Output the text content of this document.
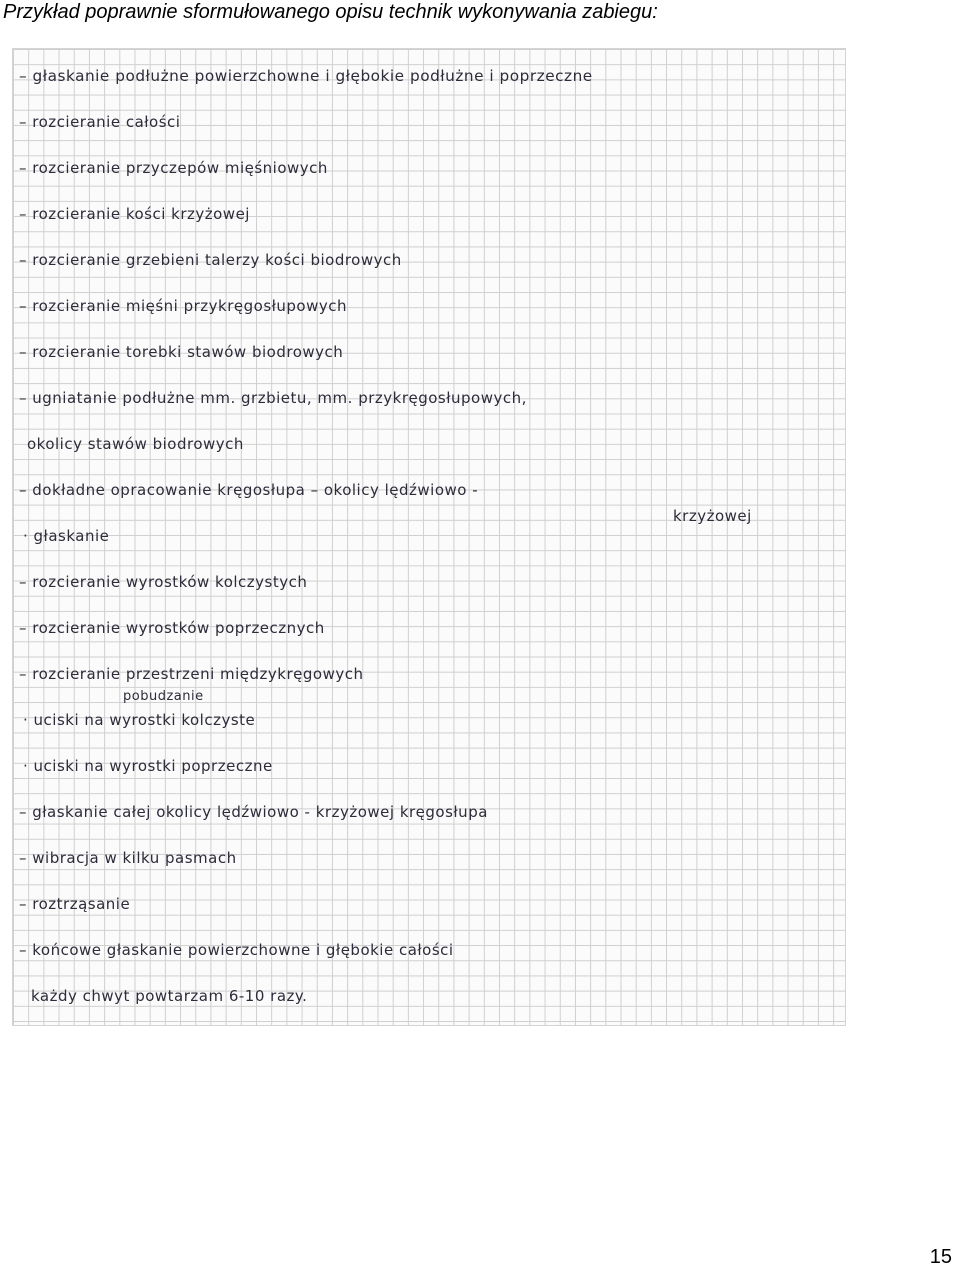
Przykład poprawnie sformułowanego opisu technik wykonywania zabiegu:
– głaskanie podłużne powierzchowne i głębokie podłużne i poprzeczne
– rozcieranie całości
– rozcieranie przyczepów mięśniowych
– rozcieranie kości krzyżowej
– rozcieranie grzebieni talerzy kości biodrowych
– rozcieranie mięśni przykręgosłupowych
– rozcieranie torebki stawów biodrowych
– ugniatanie podłużne mm. grzbietu, mm. przykręgosłupowych,
okolicy stawów biodrowych
– dokładne opracowanie kręgosłupa – okolicy lędźwiowo -
krzyżowej
· głaskanie
– rozcieranie wyrostków kolczystych
– rozcieranie wyrostków poprzecznych
– rozcieranie przestrzeni międzykręgowych
pobudzanie
· uciski na wyrostki kolczyste
· uciski na wyrostki poprzeczne
– głaskanie całej okolicy lędźwiowo - krzyżowej kręgosłupa
– wibracja w kilku pasmach
– roztrząsanie
– końcowe głaskanie powierzchowne i głębokie całości
każdy chwyt powtarzam 6-10 razy.
15
